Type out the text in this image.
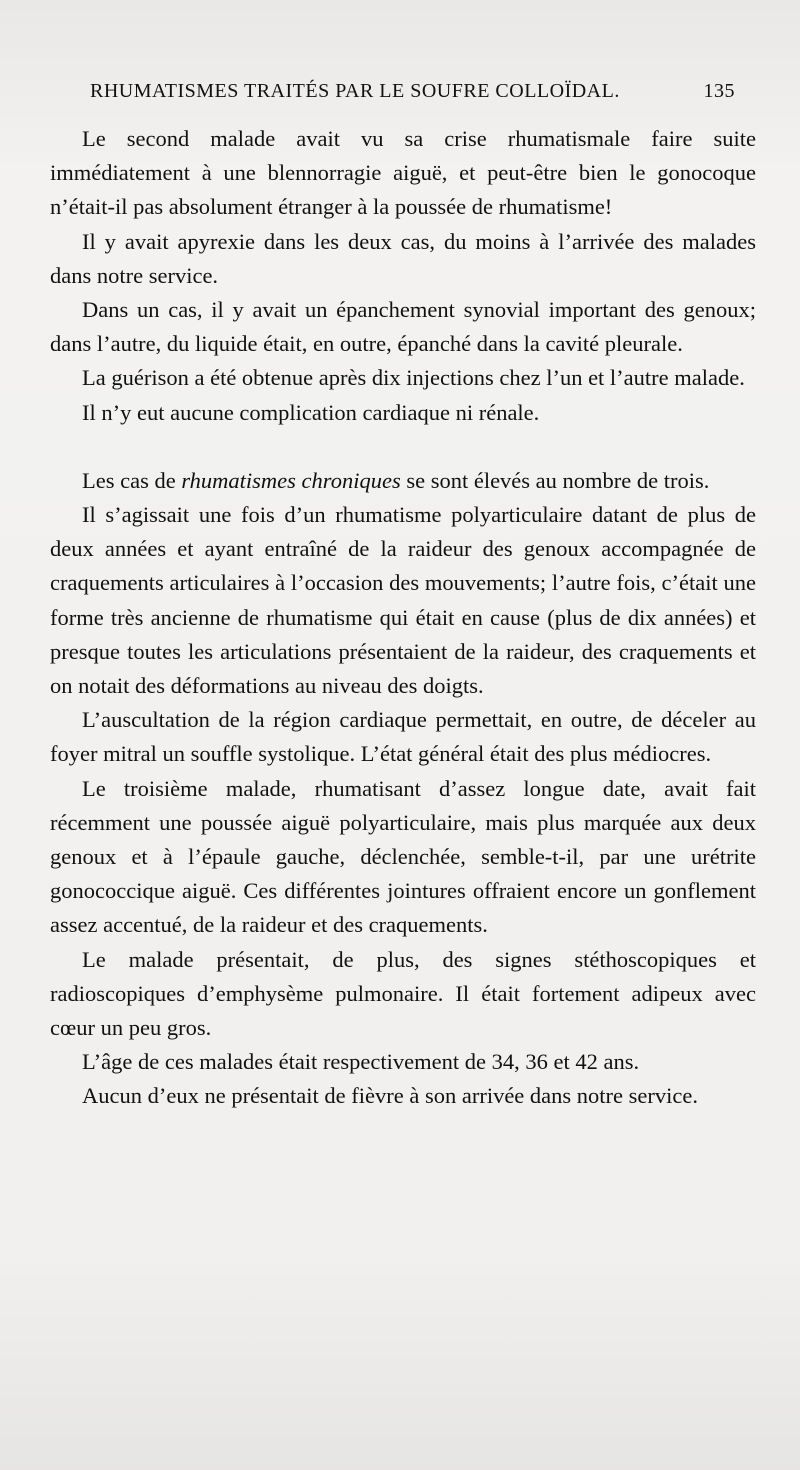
RHUMATISMES TRAITÉS PAR LE SOUFRE COLLOÏDAL.	135

Le second malade avait vu sa crise rhumatismale faire suite immédiatement à une blennorragie aiguë, et peut-être bien le gonocoque n’était-il pas absolument étranger à la poussée de rhumatisme!

Il y avait apyrexie dans les deux cas, du moins à l’arrivée des malades dans notre service.

Dans un cas, il y avait un épanchement synovial important des genoux; dans l’autre, du liquide était, en outre, épanché dans la cavité pleurale.

La guérison a été obtenue après dix injections chez l’un et l’autre malade.

Il n’y eut aucune complication cardiaque ni rénale.

Les cas de rhumatismes chroniques se sont élevés au nombre de trois.

Il s’agissait une fois d’un rhumatisme polyarticulaire datant de plus de deux années et ayant entraîné de la raideur des genoux accompagnée de craquements articulaires à l’occasion des mouvements; l’autre fois, c’était une forme très ancienne de rhumatisme qui était en cause (plus de dix années) et presque toutes les articulations présentaient de la raideur, des craquements et on notait des déformations au niveau des doigts.

L’auscultation de la région cardiaque permettait, en outre, de déceler au foyer mitral un souffle systolique. L’état général était des plus médiocres.

Le troisième malade, rhumatisant d’assez longue date, avait fait récemment une poussée aiguë polyarticulaire, mais plus marquée aux deux genoux et à l’épaule gauche, déclenchée, semble-t-il, par une urétrite gonococcique aiguë. Ces différentes jointures offraient encore un gonflement assez accentué, de la raideur et des craquements.

Le malade présentait, de plus, des signes stéthoscopiques et radioscopiques d’emphysème pulmonaire. Il était fortement adipeux avec cœur un peu gros.

L’âge de ces malades était respectivement de 34, 36 et 42 ans.

Aucun d’eux ne présentait de fièvre à son arrivée dans notre service.
